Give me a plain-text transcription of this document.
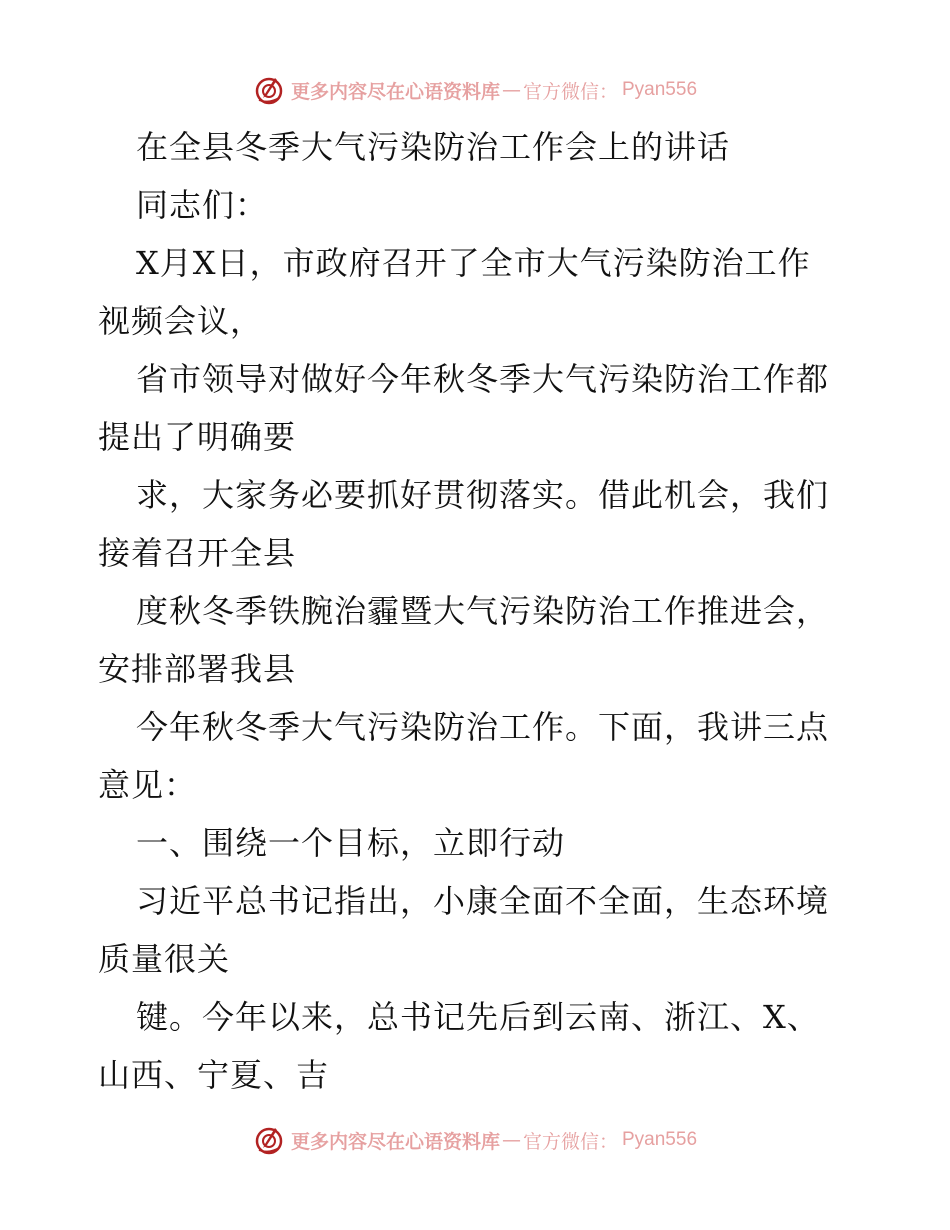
更多内容尽在心语资料库 — 官方微信： Pyan556
在全县冬季大气污染防治工作会上的讲话
同志们：
X月X日，市政府召开了全市大气污染防治工作
视频会议，
省市领导对做好今年秋冬季大气污染防治工作都
提出了明确要
求，大家务必要抓好贯彻落实。借此机会，我们
接着召开全县
度秋冬季铁腕治霾暨大气污染防治工作推进会，
安排部署我县
今年秋冬季大气污染防治工作。下面，我讲三点
意见：
一、围绕一个目标，立即行动
习近平总书记指出，小康全面不全面，生态环境
质量很关
键。今年以来，总书记先后到云南、浙江、X、
山西、宁夏、吉
更多内容尽在心语资料库 — 官方微信： Pyan556
